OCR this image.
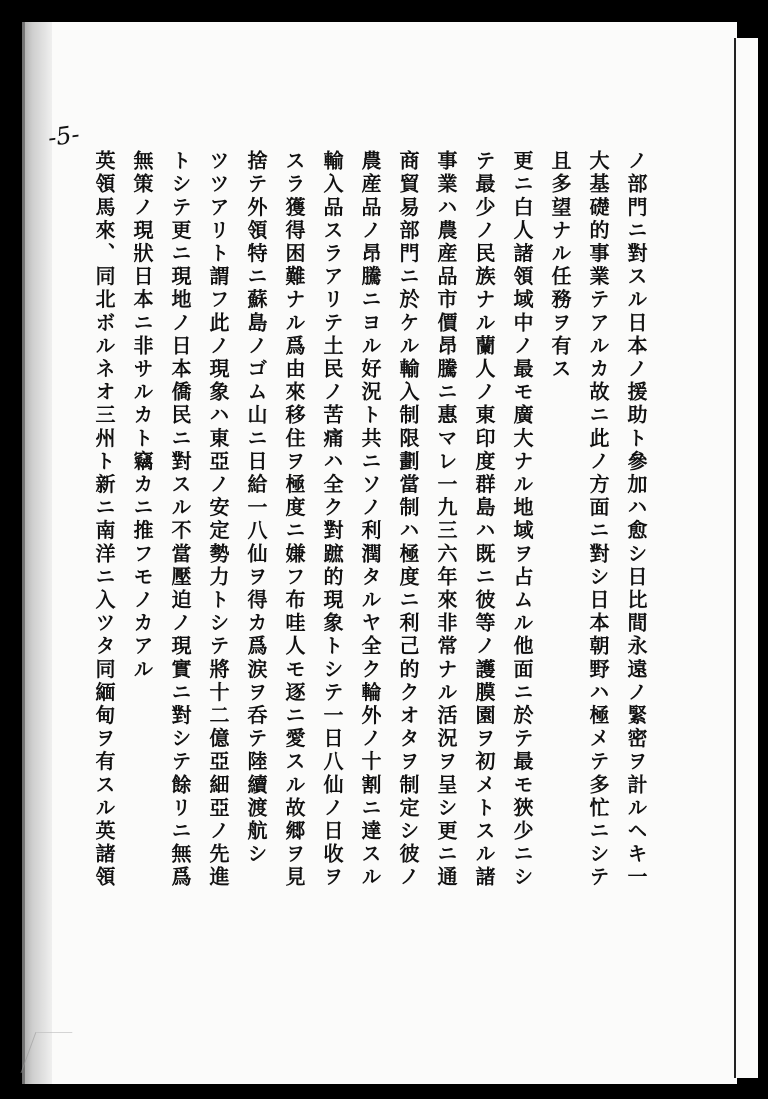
-5-
ノ部門ニ對スル日本ノ援助ト參加ハ愈シ日比間永遠ノ緊密ヲ計ルヘキ一
大基礎的事業テアルカ故ニ此ノ方面ニ對シ日本朝野ハ極メテ多忙ニシテ
且多望ナル任務ヲ有ス
更ニ白人諸領域中ノ最モ廣大ナル地域ヲ占ムル他面ニ於テ最モ狹少ニシ
テ最少ノ民族ナル蘭人ノ東印度群島ハ既ニ彼等ノ護膜園ヲ初メトスル諸
事業ハ農産品市價昂騰ニ惠マレ一九三六年來非常ナル活況ヲ呈シ更ニ通
商貿易部門ニ於ケル輸入制限劃當制ハ極度ニ利己的クオタヲ制定シ彼ノ
農産品ノ昂騰ニヨル好況ト共ニソノ利潤タルヤ全ク輪外ノ十割ニ達スル
輸入品スラアリテ土民ノ苦痛ハ全ク對蹠的現象トシテ一日八仙ノ日收ヲ
スラ獲得困難ナル爲由來移住ヲ極度ニ嫌フ布哇人モ逐ニ愛スル故郷ヲ見
捨テ外領特ニ蘇島ノゴム山ニ日給一八仙ヲ得カ爲涙ヲ呑テ陸續渡航シ
ツツアリト謂フ此ノ現象ハ東亞ノ安定勢力トシテ將十二億亞細亞ノ先進
トシテ更ニ現地ノ日本僑民ニ對スル不當壓迫ノ現實ニ對シテ餘リニ無爲
無策ノ現狀日本ニ非サルカト竊カニ推フモノカアル
英領馬來、同北ボルネオ三州ト新ニ南洋ニ入ツタ同緬甸ヲ有スル英諸領
